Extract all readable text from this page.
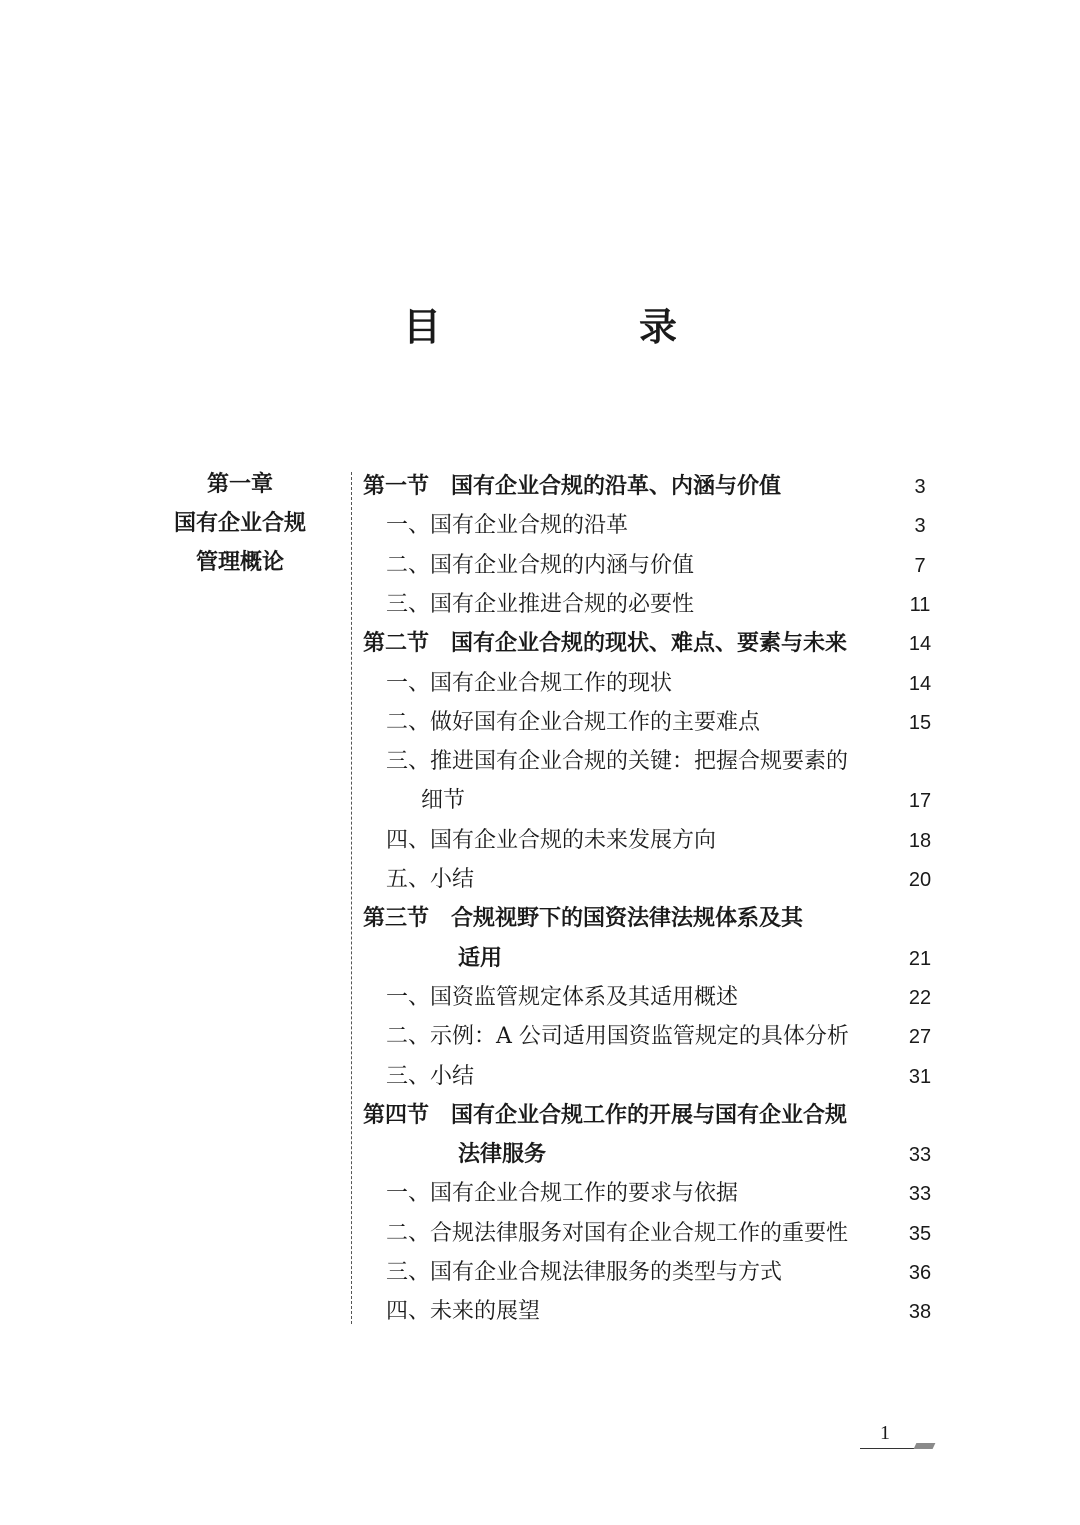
目　录
第一章
国有企业合规
管理概论
第一节　国有企业合规的沿革、内涵与价值	3
一、国有企业合规的沿革	3
二、国有企业合规的内涵与价值	7
三、国有企业推进合规的必要性	11
第二节　国有企业合规的现状、难点、要素与未来	14
一、国有企业合规工作的现状	14
二、做好国有企业合规工作的主要难点	15
三、推进国有企业合规的关键：把握合规要素的
细节	17
四、国有企业合规的未来发展方向	18
五、小结	20
第三节　合规视野下的国资法律法规体系及其
适用	21
一、国资监管规定体系及其适用概述	22
二、示例：A 公司适用国资监管规定的具体分析	27
三、小结	31
第四节　国有企业合规工作的开展与国有企业合规
法律服务	33
一、国有企业合规工作的要求与依据	33
二、合规法律服务对国有企业合规工作的重要性	35
三、国有企业合规法律服务的类型与方式	36
四、未来的展望	38
1
